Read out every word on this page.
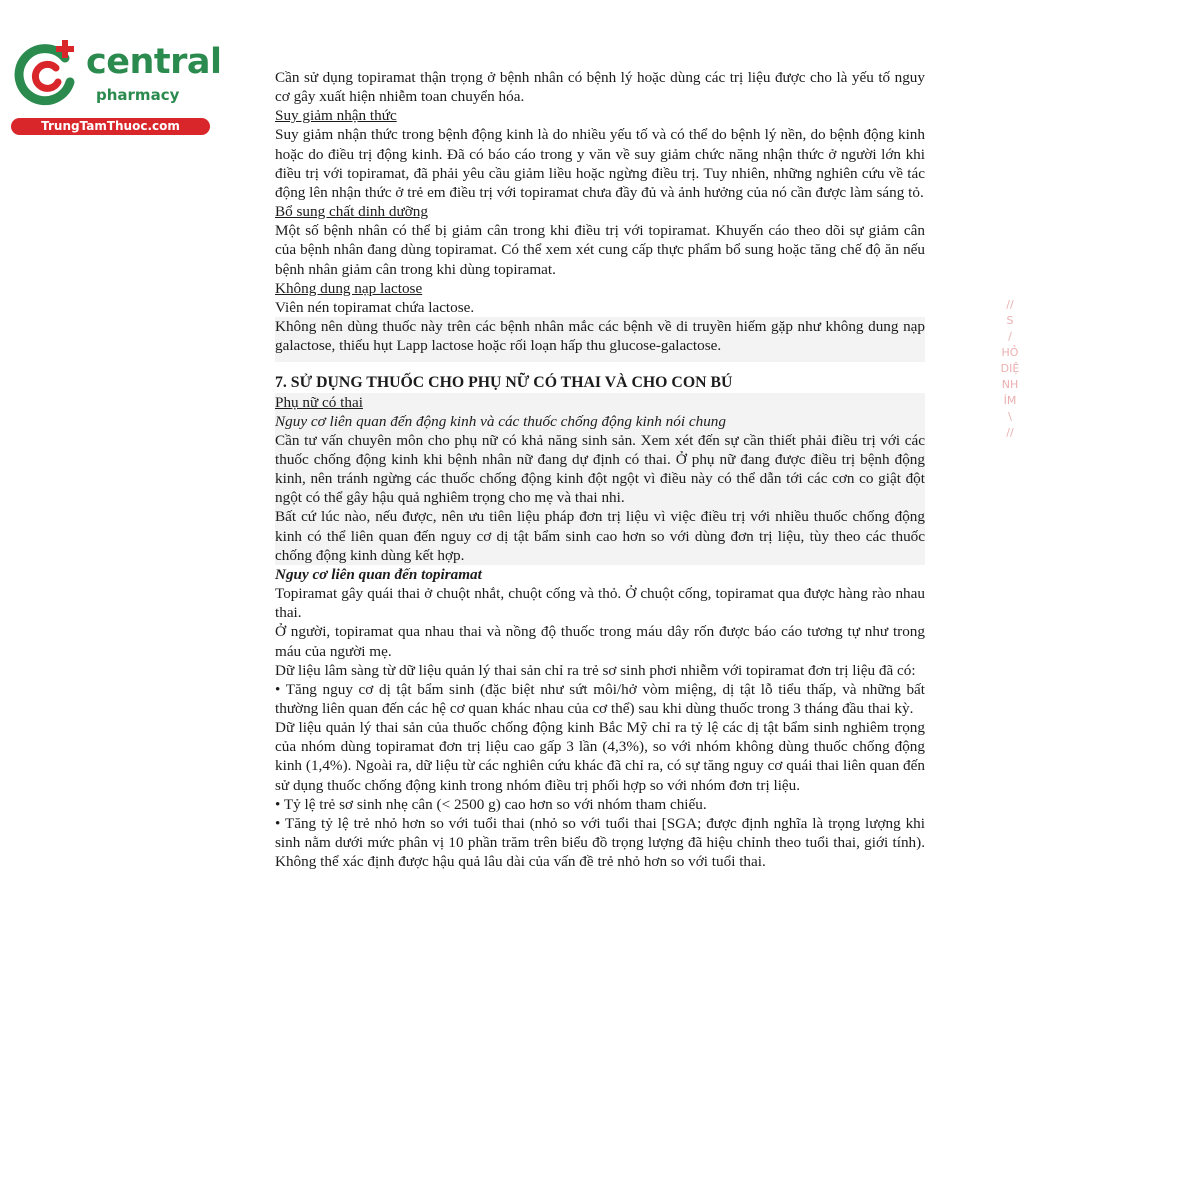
central
pharmacy
TrungTamThuoc.com

Cần sử dụng topiramat thận trọng ở bệnh nhân có bệnh lý hoặc dùng các trị liệu được cho là yếu tố nguy cơ gây xuất hiện nhiễm toan chuyển hóa.

Suy giảm nhận thức

Suy giảm nhận thức trong bệnh động kinh là do nhiều yếu tố và có thể do bệnh lý nền, do bệnh động kinh hoặc do điều trị động kinh. Đã có báo cáo trong y văn về suy giảm chức năng nhận thức ở người lớn khi điều trị với topiramat, đã phải yêu cầu giảm liều hoặc ngừng điều trị. Tuy nhiên, những nghiên cứu về tác động lên nhận thức ở trẻ em điều trị với topiramat chưa đầy đủ và ảnh hưởng của nó cần được làm sáng tỏ.

Bổ sung chất dinh dưỡng

Một số bệnh nhân có thể bị giảm cân trong khi điều trị với topiramat. Khuyến cáo theo dõi sự giảm cân của bệnh nhân đang dùng topiramat. Có thể xem xét cung cấp thực phẩm bổ sung hoặc tăng chế độ ăn nếu bệnh nhân giảm cân trong khi dùng topiramat.

Không dung nạp lactose

Viên nén topiramat chứa lactose.

Không nên dùng thuốc này trên các bệnh nhân mắc các bệnh về di truyền hiếm gặp như không dung nạp galactose, thiếu hụt Lapp lactose hoặc rối loạn hấp thu glucose-galactose.

7. SỬ DỤNG THUỐC CHO PHỤ NỮ CÓ THAI VÀ CHO CON BÚ

Phụ nữ có thai

Nguy cơ liên quan đến động kinh và các thuốc chống động kinh nói chung

Cần tư vấn chuyên môn cho phụ nữ có khả năng sinh sản. Xem xét đến sự cần thiết phải điều trị với các thuốc chống động kinh khi bệnh nhân nữ đang dự định có thai. Ở phụ nữ đang được điều trị bệnh động kinh, nên tránh ngừng các thuốc chống động kinh đột ngột vì điều này có thể dẫn tới các cơn co giật đột ngột có thể gây hậu quả nghiêm trọng cho mẹ và thai nhi.

Bất cứ lúc nào, nếu được, nên ưu tiên liệu pháp đơn trị liệu vì việc điều trị với nhiều thuốc chống động kinh có thể liên quan đến nguy cơ dị tật bẩm sinh cao hơn so với dùng đơn trị liệu, tùy theo các thuốc chống động kinh dùng kết hợp.

Nguy cơ liên quan đến topiramat

Topiramat gây quái thai ở chuột nhắt, chuột cống và thỏ. Ở chuột cống, topiramat qua được hàng rào nhau thai.

Ở người, topiramat qua nhau thai và nồng độ thuốc trong máu dây rốn được báo cáo tương tự như trong máu của người mẹ.

Dữ liệu lâm sàng từ dữ liệu quản lý thai sản chỉ ra trẻ sơ sinh phơi nhiễm với topiramat đơn trị liệu đã có:

• Tăng nguy cơ dị tật bẩm sinh (đặc biệt như sứt môi/hở vòm miệng, dị tật lỗ tiểu thấp, và những bất thường liên quan đến các hệ cơ quan khác nhau của cơ thể) sau khi dùng thuốc trong 3 tháng đầu thai kỳ.

Dữ liệu quản lý thai sản của thuốc chống động kinh Bắc Mỹ chỉ ra tỷ lệ các dị tật bẩm sinh nghiêm trọng của nhóm dùng topiramat đơn trị liệu cao gấp 3 lần (4,3%), so với nhóm không dùng thuốc chống động kinh (1,4%). Ngoài ra, dữ liệu từ các nghiên cứu khác đã chỉ ra, có sự tăng nguy cơ quái thai liên quan đến sử dụng thuốc chống động kinh trong nhóm điều trị phối hợp so với nhóm đơn trị liệu.

• Tỷ lệ trẻ sơ sinh nhẹ cân (< 2500 g) cao hơn so với nhóm tham chiếu.

• Tăng tỷ lệ trẻ nhỏ hơn so với tuổi thai (nhỏ so với tuổi thai [SGA; được định nghĩa là trọng lượng khi sinh nằm dưới mức phân vị 10 phần trăm trên biểu đồ trọng lượng đã hiệu chỉnh theo tuổi thai, giới tính). Không thể xác định được hậu quả lâu dài của vấn đề trẻ nhỏ hơn so với tuổi thai.

//
S
/
HỎ
DIỆ
NH
ÍM
\
//
